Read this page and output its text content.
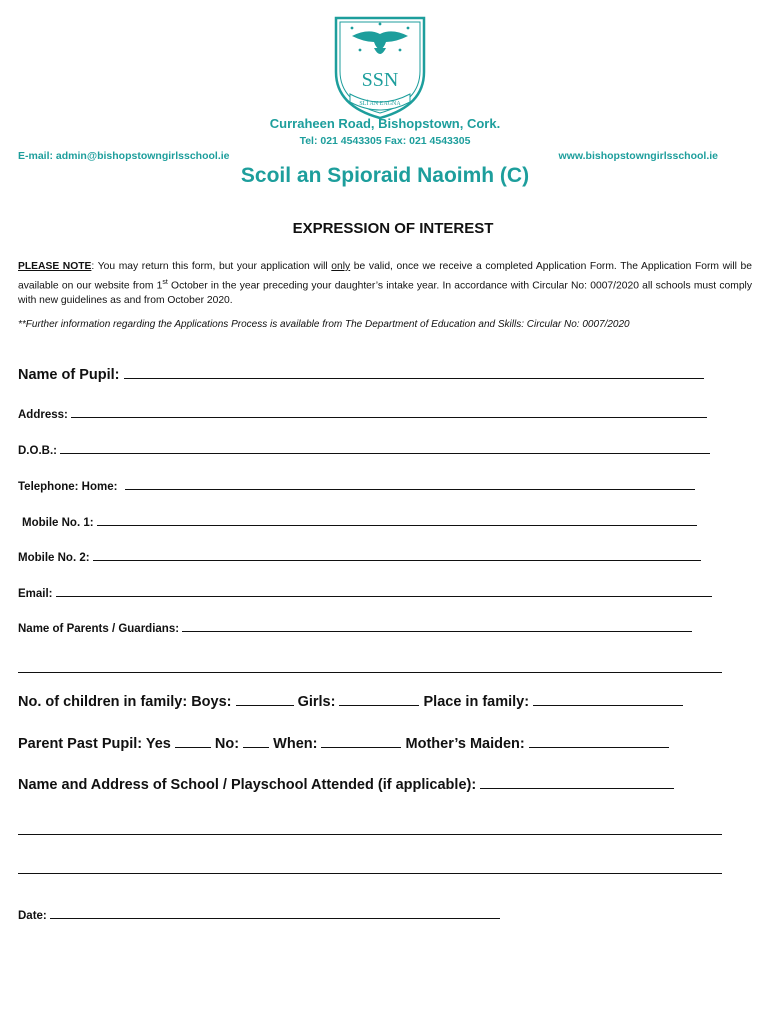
SSN
SLÍ AN EAGNA
Curraheen Road, Bishopstown, Cork.
Tel: 021 4543305 Fax: 021 4543305
E-mail: admin@bishopstowngirlsschool.ie	www.bishopstowngirlsschool.ie
Scoil an Spioraid Naoimh (C)
EXPRESSION OF INTEREST
PLEASE NOTE: You may return this form, but your application will only be valid, once we receive a completed Application Form. The Application Form will be available on our website from 1st October in the year preceding your daughter’s intake year. In accordance with Circular No: 0007/2020 all schools must comply with new guidelines as and from October 2020.
**Further information regarding the Applications Process is available from The Department of Education and Skills: Circular No: 0007/2020
Name of Pupil:
Address:
D.O.B.:
Telephone: Home:
Mobile No. 1:
Mobile No. 2:
Email:
Name of Parents / Guardians:
No. of children in family: Boys:	Girls:	Place in family:
Parent Past Pupil: Yes	No: When:	Mother’s Maiden:
Name and Address of School / Playschool Attended (if applicable):
Date:
